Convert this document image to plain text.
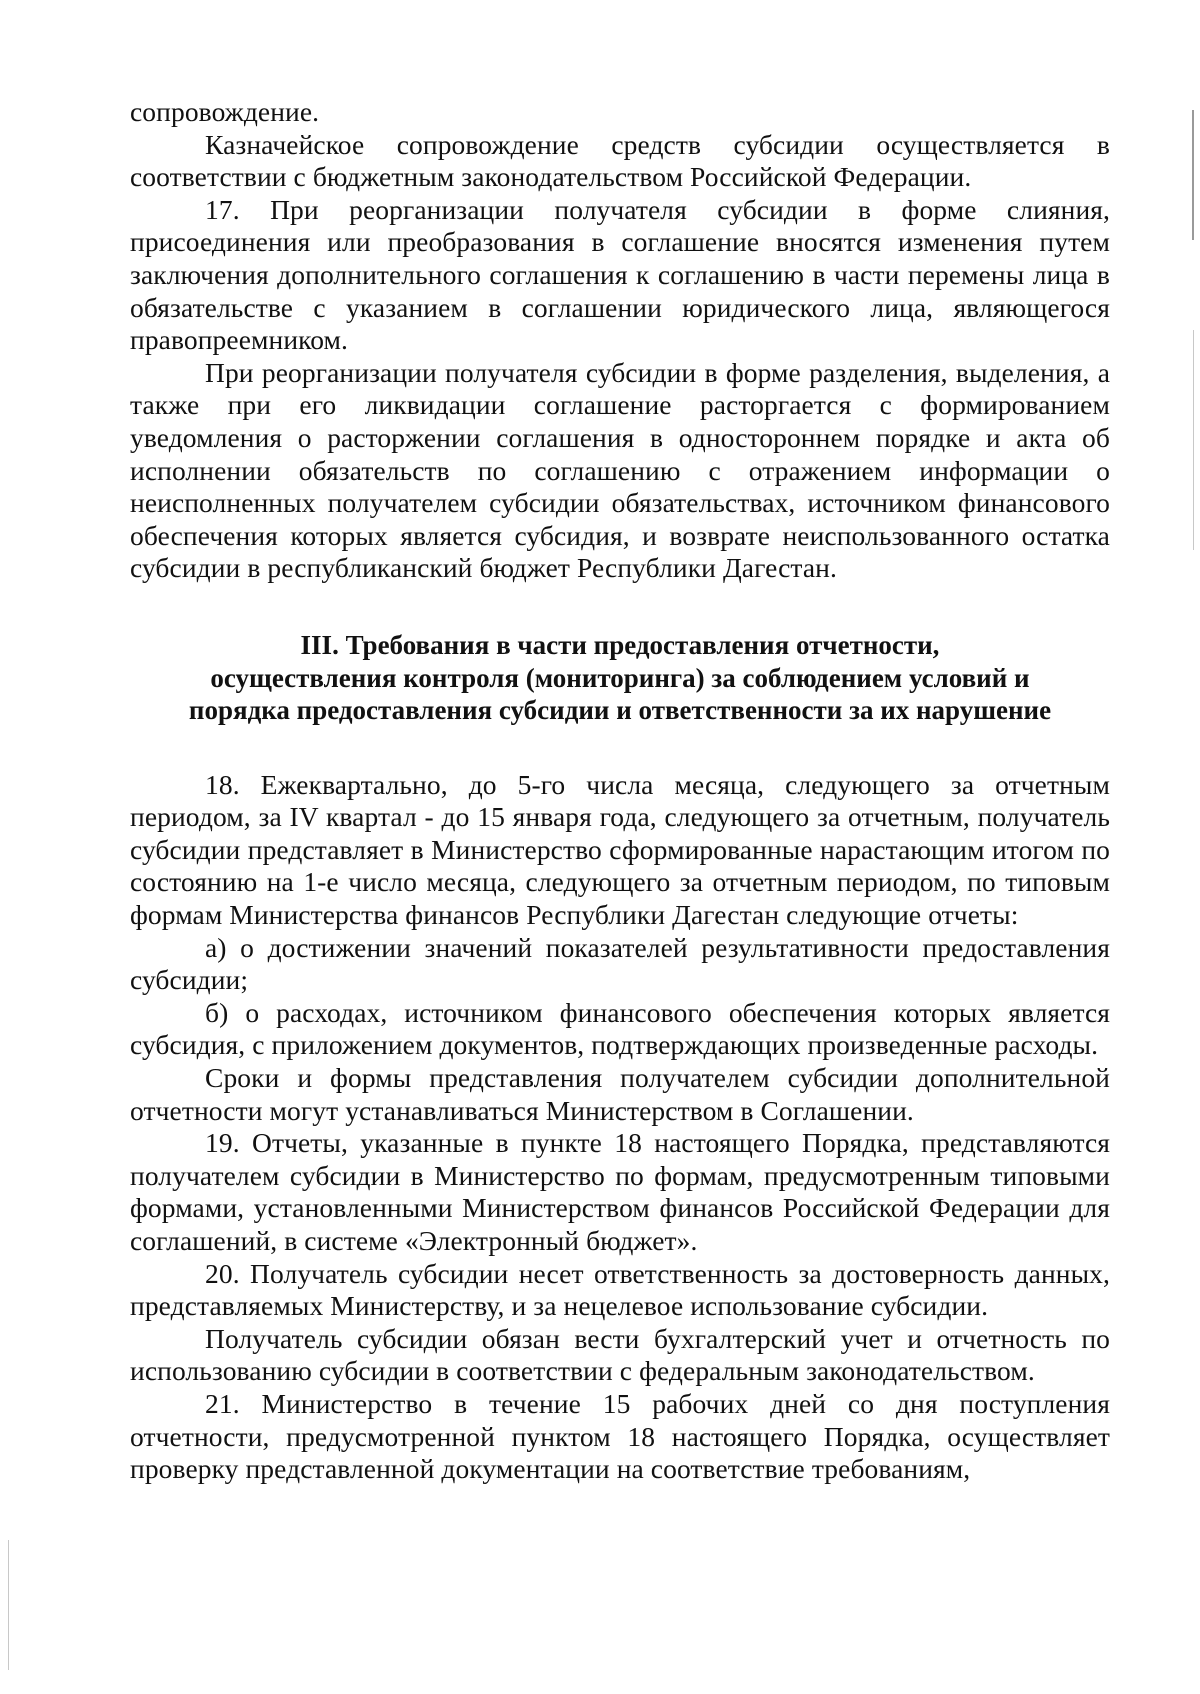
сопровождение.

Казначейское сопровождение средств субсидии осуществляется в соответствии с бюджетным законодательством Российской Федерации.

17. При реорганизации получателя субсидии в форме слияния, присоединения или преобразования в соглашение вносятся изменения путем заключения дополнительного соглашения к соглашению в части перемены лица в обязательстве с указанием в соглашении юридического лица, являющегося правопреемником.

При реорганизации получателя субсидии в форме разделения, выделения, а также при его ликвидации соглашение расторгается с формированием уведомления о расторжении соглашения в одностороннем порядке и акта об исполнении обязательств по соглашению с отражением информации о неисполненных получателем субсидии обязательствах, источником финансового обеспечения которых является субсидия, и возврате неиспользованного остатка субсидии в республиканский бюджет Республики Дагестан.

III. Требования в части предоставления отчетности,
осуществления контроля (мониторинга) за соблюдением условий и
порядка предоставления субсидии и ответственности за их нарушение

18. Ежеквартально, до 5-го числа месяца, следующего за отчетным периодом, за IV квартал - до 15 января года, следующего за отчетным, получатель субсидии представляет в Министерство сформированные нарастающим итогом по состоянию на 1-е число месяца, следующего за отчетным периодом, по типовым формам Министерства финансов Республики Дагестан следующие отчеты:

а) о достижении значений показателей результативности предоставления субсидии;

б) о расходах, источником финансового обеспечения которых является субсидия, с приложением документов, подтверждающих произведенные расходы.

Сроки и формы представления получателем субсидии дополнительной отчетности могут устанавливаться Министерством в Соглашении.

19. Отчеты, указанные в пункте 18 настоящего Порядка, представляются получателем субсидии в Министерство по формам, предусмотренным типовыми формами, установленными Министерством финансов Российской Федерации для соглашений, в системе «Электронный бюджет».

20. Получатель субсидии несет ответственность за достоверность данных, представляемых Министерству, и за нецелевое использование субсидии.

Получатель субсидии обязан вести бухгалтерский учет и отчетность по использованию субсидии в соответствии с федеральным законодательством.

21. Министерство в течение 15 рабочих дней со дня поступления отчетности, предусмотренной пунктом 18 настоящего Порядка, осуществляет проверку представленной документации на соответствие требованиям,
